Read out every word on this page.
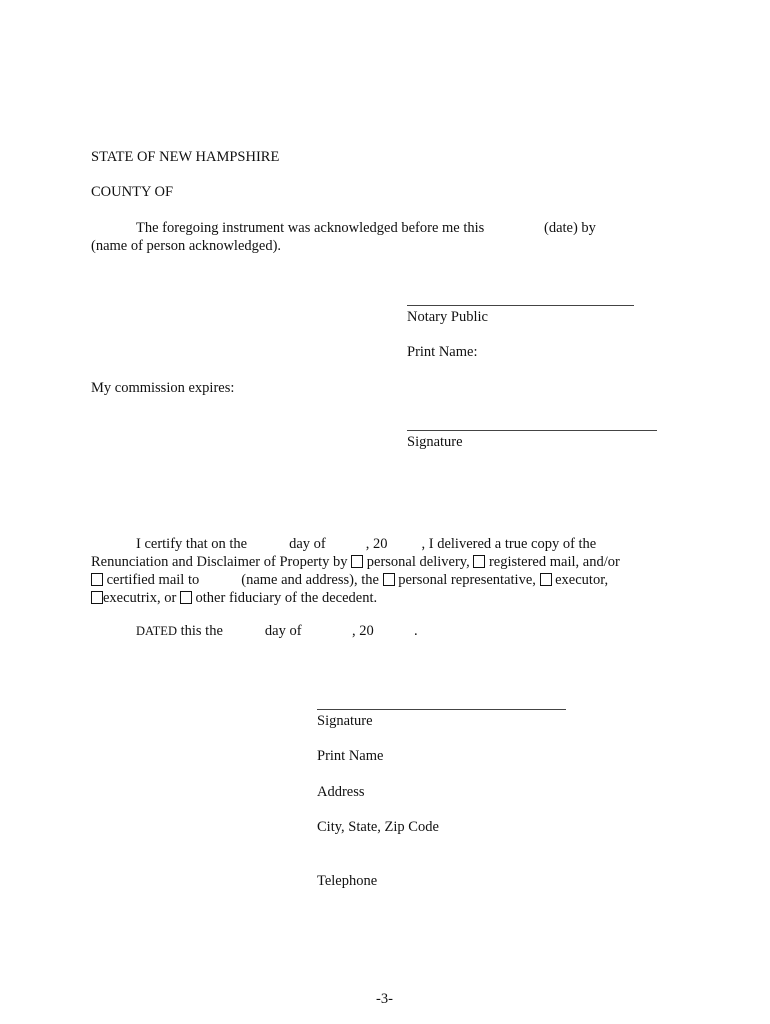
STATE OF NEW HAMPSHIRE
COUNTY OF
The foregoing instrument was acknowledged before me this	(date) by
(name of person acknowledged).
Notary Public
Print Name:
My commission expires:
Signature
I certify that on the	day of	, 20 , I delivered a true copy of the
Renunciation and Disclaimer of Property by personal delivery, registered mail, and/or
certified mail to	(name and address), the personal representative, executor,
executrix, or other fiduciary of the decedent.
DATED this the	day of	, 20	.
Signature
Print Name
Address
City, State, Zip Code
Telephone
-3-
